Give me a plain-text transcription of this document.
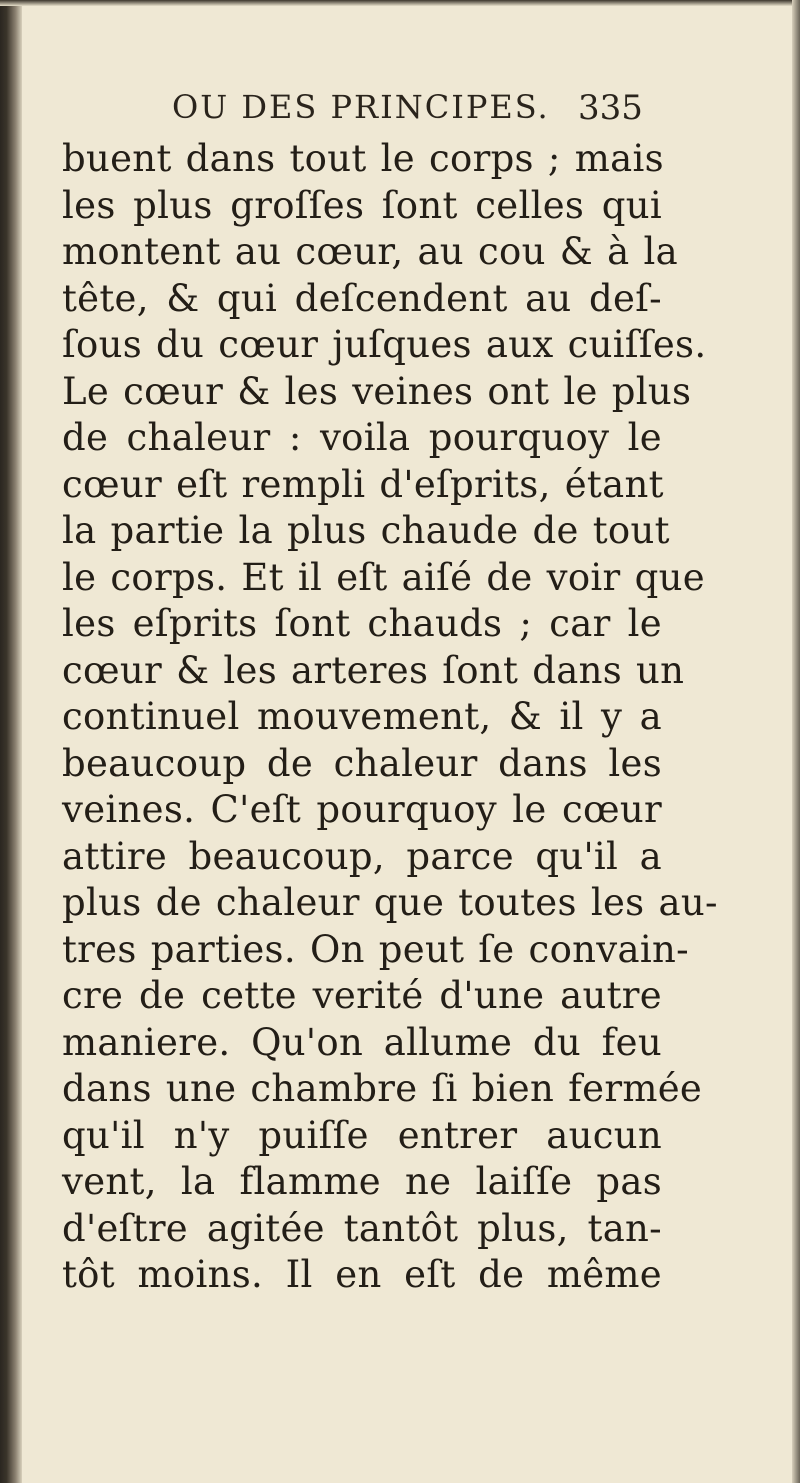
OU DES PRINCIPES. 335
buent dans tout le corps ; mais
les plus groſſes ſont celles qui
montent au cœur, au cou & à la
tête, & qui deſcendent au deſ-
ſous du cœur juſques aux cuiſſes.
Le cœur & les veines ont le plus
de chaleur : voila pourquoy le
cœur eſt rempli d'eſprits, étant
la partie la plus chaude de tout
le corps. Et il eſt aiſé de voir que
les eſprits ſont chauds ; car le
cœur & les arteres ſont dans un
continuel mouvement, & il y a
beaucoup de chaleur dans les
veines. C'eſt pourquoy le cœur
attire beaucoup, parce qu'il a
plus de chaleur que toutes les au-
tres parties. On peut ſe convain-
cre de cette verité d'une autre
maniere. Qu'on allume du feu
dans une chambre ſi bien fermée
qu'il n'y puiſſe entrer aucun
vent, la flamme ne laiſſe pas
d'eſtre agitée tantôt plus, tan-
tôt moins. Il en eſt de même
